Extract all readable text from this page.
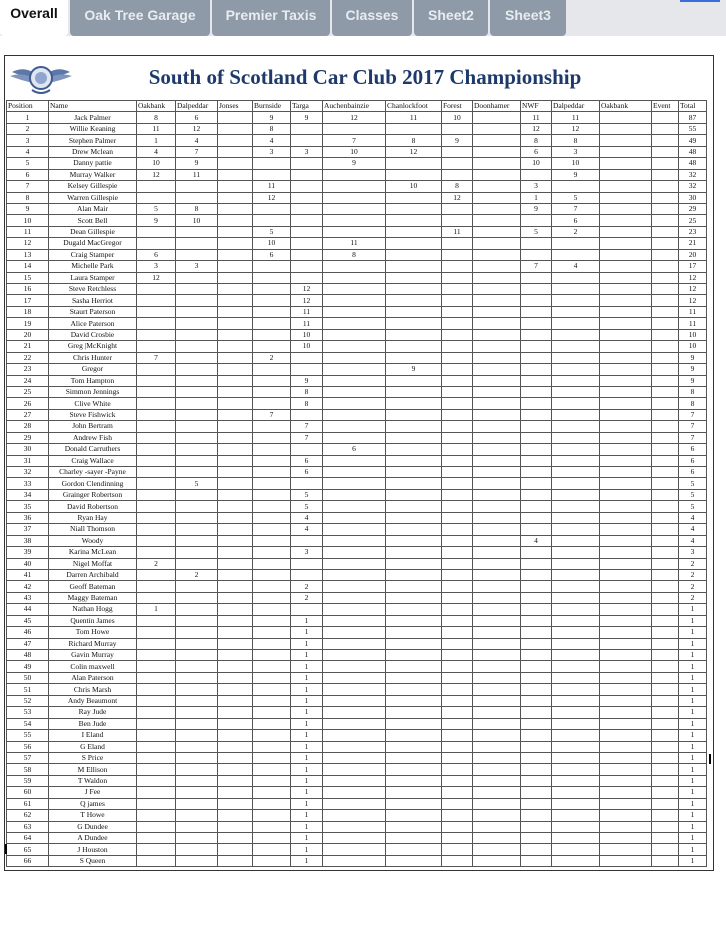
Overall	Oak Tree Garage	Premier Taxis	Classes	Sheet2	Sheet3
South of Scotland Car Club 2017 Championship
Position	Name	Oakbank	Dalpeddar	Jonses	Burnside	Targa	Auchenbainzie	Chanlockfoot	Forest	Doonhamer	NWF	Dalpeddar	Oakbank	Event	Total
1	Jack Palmer	8	6		9	9	12	11	10		11	11			87
2	Willie Keaning	11	12		8						12	12			55
3	Stephen Palmer	1	4		4		7	8	9		8	8			49
4	Drew Mclean	4	7		3	3	10	12			6	3			48
5	Danny pattie	10	9				9				10	10			48
6	Murray Walker	12	11									9			32
7	Kelsey Gillespie				11			10	8		3				32
8	Warren Gillespie				12				12		1	5			30
9	Alan Mair	5	8								9	7			29
10	Scott Bell	9	10									6			25
11	Dean Gillespie				5				11		5	2			23
12	Dugald MacGregor				10		11								21
13	Craig Stamper	6			6		8								20
14	Michelle Park	3	3								7	4			17
15	Laura Stamper	12													12
16	Steve Retchless					12									12
17	Sasha Herriot					12									12
18	Staurt Paterson					11									11
19	Alice Paterson					11									11
20	David Crosbie					10									10
21	Greg |McKnight					10									10
22	Chris Hunter	7			2										9
23	Gregor							9							9
24	Tom Hampton					9									9
25	Simmon Jennings					8									8
26	Clive White					8									8
27	Steve Fishwick				7										7
28	John Bertram					7									7
29	Andrew Fish					7									7
30	Donald Carruthers						6								6
31	Craig Wallace					6									6
32	Charley -sayer -Payne					6									6
33	Gordon Clendinning		5												5
34	Grainger Robertson					5									5
35	David Robertson					5									5
36	Ryan Hay					4									4
37	Niall Thomson					4									4
38	Woody										4				4
39	Karina McLean					3									3
40	Nigel Moffat	2													2
41	Darren Archibald		2												2
42	Geoff Bateman					2									2
43	Maggy Bateman					2									2
44	Nathan Hogg	1													1
45	Quentin James					1									1
46	Tom Howe					1									1
47	Richard Murray					1									1
48	Gavin Murray					1									1
49	Colin maxwell					1									1
50	Alan Paterson					1									1
51	Chris Marsh					1									1
52	Andy Beaumont					1									1
53	Ray Jude					1									1
54	Ben Jude					1									1
55	I Eland					1									1
56	G Eland					1									1
57	S Price					1									1
58	M Ellison					1									1
59	T Waldon					1									1
60	J Fee					1									1
61	Q james					1									1
62	T Howe					1									1
63	G Dundee					1									1
64	A Dundee					1									1
65	J Houston					1									1
66	S Queen					1									1
